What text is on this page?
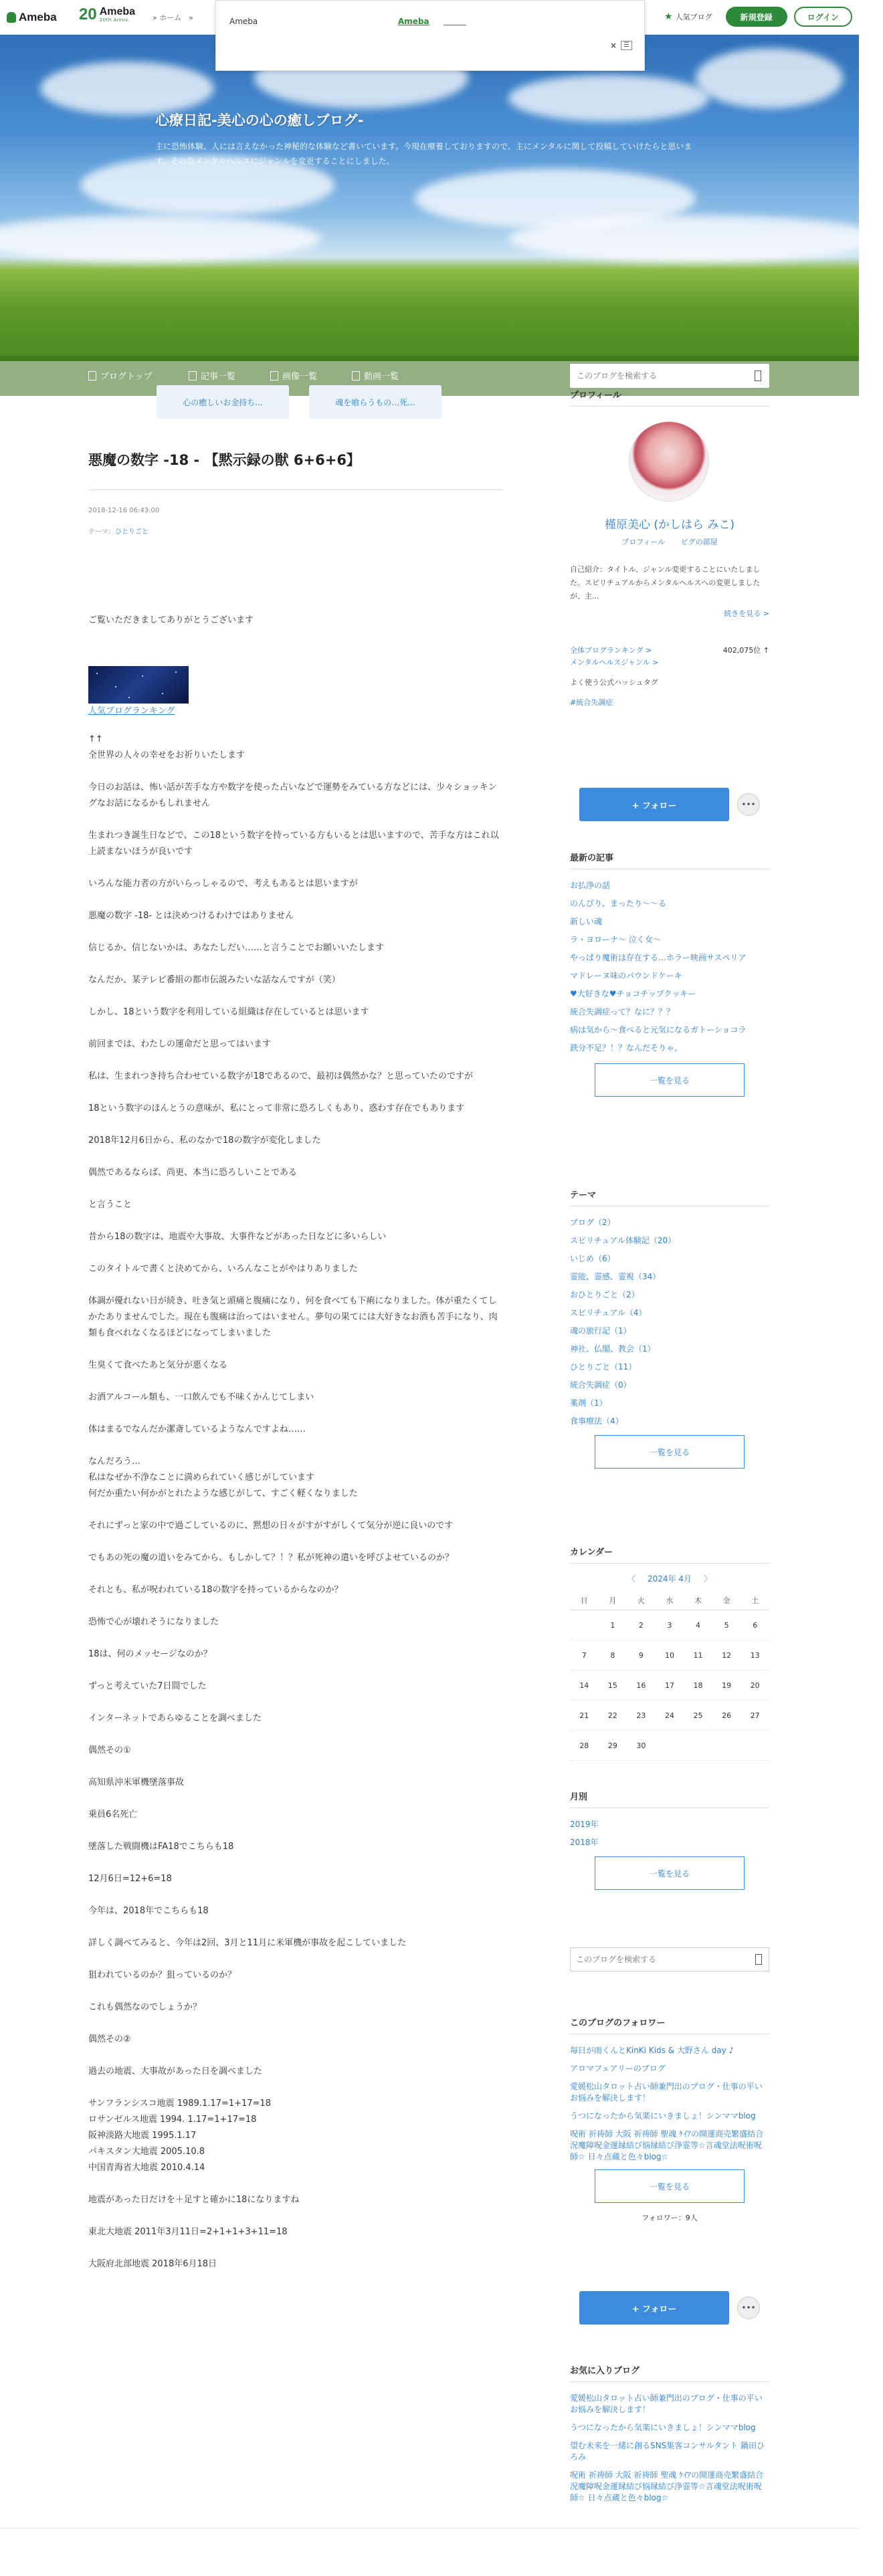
Ameba 20 Ameba
20th Anniv.	» ホーム　»	★ 人気ブログ	新規登録	ログイン
Ameba	Ameba
×	☰
心療日記-美心の心の癒しブログ-
主に恐怖体験、人には言えなかった神秘的な体験など書いています。今現在療養しておりますので、主にメンタルに関して投稿していけたらと思います。その為メンタルヘルスにジャンルを変更することにしました。
ブログトップ	記事一覧	画像一覧	動画一覧
このブログを検索する
心の癒しいお金持ち...	魂を喰らうもの…死...
悪魔の数字 -18 - 【黙示録の獣 6+6+6】
2018-12-16 06:43:00
テーマ：ひとりごと

ご覧いただきましてありがとうございます

人気ブログランキング

↑↑
全世界の人々の幸せをお祈りいたします

今日のお話は、怖い話が苦手な方や数字を使った占いなどで運勢をみている方などには、少々ショッキングなお話になるかもしれません

生まれつき誕生日などで、この18という数字を持っている方もいるとは思いますので、苦手な方はこれ以上読まないほうが良いです

いろんな能力者の方がいらっしゃるので、考えもあるとは思いますが

悪魔の数字 -18- とは決めつけるわけではありません

信じるか、信じないかは、あなたしだい……と言うことでお願いいたします

なんだか、某テレビ番組の都市伝説みたいな話なんですが（笑）

しかし、18という数字を利用している組織は存在しているとは思います

前回までは、わたしの運命だと思ってはいます

私は、生まれつき持ち合わせている数字が18であるので、最初は偶然かな？と思っていたのですが

18という数字のほんとうの意味が、私にとって非常に恐ろしくもあり、惑わす存在でもあります

2018年12月6日から、私のなかで18の数字が変化しました

偶然であるならば、尚更、本当に恐ろしいことである

と言うこと

昔から18の数字は、地震や大事故、大事件などがあった日などに多いらしい

このタイトルで書くと決めてから、いろんなことがやはりありました

体調が優れない日が続き、吐き気と頭痛と腹痛になり、何を食べても下痢になりました。体が重たくてしかたありませんでした。現在も腹痛は治ってはいません。夢句の果てには大好きなお酒も苦手になり、肉類も食べれなくなるほどになってしまいました

生臭くて食べたあと気分が悪くなる

お酒アルコール類も、一口飲んでも不味くかんじてしまい

体はまるでなんだか潔斎しているようなんですよね……

なんだろう…
私はなぜか不浄なことに満められていく感じがしています
何だか重たい何かがとれたような感じがして、すごく軽くなりました

それにずっと家の中で過ごしているのに、黙想の日々がすがすがしくて気分が逆に良いのです

でもあの死の魔の道いをみてから、もしかして？！？私が死神の遣いを呼びよせているのか？

それとも、私が呪われている18の数字を持っているからなのか？

恐怖で心が壊れそうになりました

18は、何のメッセージなのか？

ずっと考えていた7日間でした

インターネットであらゆることを調べました

偶然その①

高知県沖米軍機墜落事故

乗員6名死亡

墜落した戦闘機はFA18でこちらも18

12月6日=12+6=18

今年は、2018年でこちらも18

詳しく調べてみると、今年は2回、3月と11月に米軍機が事故を起こしていました

狙われているのか？狙っているのか？

これも偶然なのでしょうか？

偶然その②

過去の地震、大事故があった日を調べました

サンフランシスコ地震 1989.1.17=1+17=18
ロサンゼルス地震 1994. 1.17=1+17=18
阪神淡路大地震 1995.1.17
パキスタン大地震 2005.10.8
中国青海省大地震 2010.4.14

地震があった日だけを＋足すと確かに18になりますね

東北大地震 2011年3月11日=2+1+1+3+11=18

大阪府北部地震 2018年6月18日

プロフィール
槿原美心 (かしはら みこ)
プロフィール ピグの部屋
自己紹介：タイトル、ジャンル変更することにいたしました。スピリチュアルからメンタルヘルスへの変更しましたが、主...
続きを見る >
全体ブログランキング >
メンタルヘルスジャンル >
402,075位 ↑
よく使う公式ハッシュタグ
#統合失調症
+ フォロー	•••
最新の記事
お払浄の話
のんびり、まったり〜〜る
新しい魂
ラ・ヨローナ〜 泣く女〜
やっぱり魔術は存在する…ホラー映画サスペリア
マドレーヌ味のパウンドケーキ
♥大好きな♥チョコチップクッキー
統合失調症って？なに？？？
病は気から〜食べると元気になるガトーショコラ
鉄分不足？！？なんだそりゃ。
一覧を見る
テーマ
ブログ（2）
スピリチュアル体験記（20）
いじめ（6）
霊能、霊感、霊視（34）
おひとりごと（2）
スピリチュアル（4）
魂の旅行記（1）
神社、仏閣、教会（1）
ひとりごと（11）
統合失調症（0）
薬剤（1）
食事療法（4）
一覧を見る
カレンダー
〈 2024年 4月 〉
日	月	火	水	木	金	土
	1	2	3	4	5	6
7	8	9	10	11	12	13
14	15	16	17	18	19	20
21	22	23	24	25	26	27
28	29	30				
月別
2019年
2018年
一覧を見る
このブログを検索する
このブログのフォロワー
毎日が雨くんとKinKi Kids & 大野さん day ♪
アロマフェアリーのブログ
愛媛松山タロット占い師兼門出のブログ・仕事の平いお悩みを解決します！
うつになったから気楽にいきましょ！シンママblog
呪術 祈祷師 大阪 祈祷師 聖魂 ｹｲｱの開運商売繁盛結合況魔障呪金運縁結び悩縁結び浄霊等☆言魂堂法呪術呪師☆ 日々点蔵と色々blog☆
一覧を見る
フォロワー：9人
+ フォロー	•••
お気に入りブログ
愛媛松山タロット占い師兼門出のブログ・仕事の平いお悩みを解決します！
うつになったから気楽にいきましょ！シンママblog
望む未来を一緒に創るSNS集客コンサルタント 鍋田ひろみ
呪術 祈祷師 大阪 祈祷師 聖魂 ｹｲｱの開運商売繁盛結合況魔障呪金運縁結び悩縁結び浄霊等☆言魂堂法呪術呪師☆ 日々点蔵と色々blog☆
